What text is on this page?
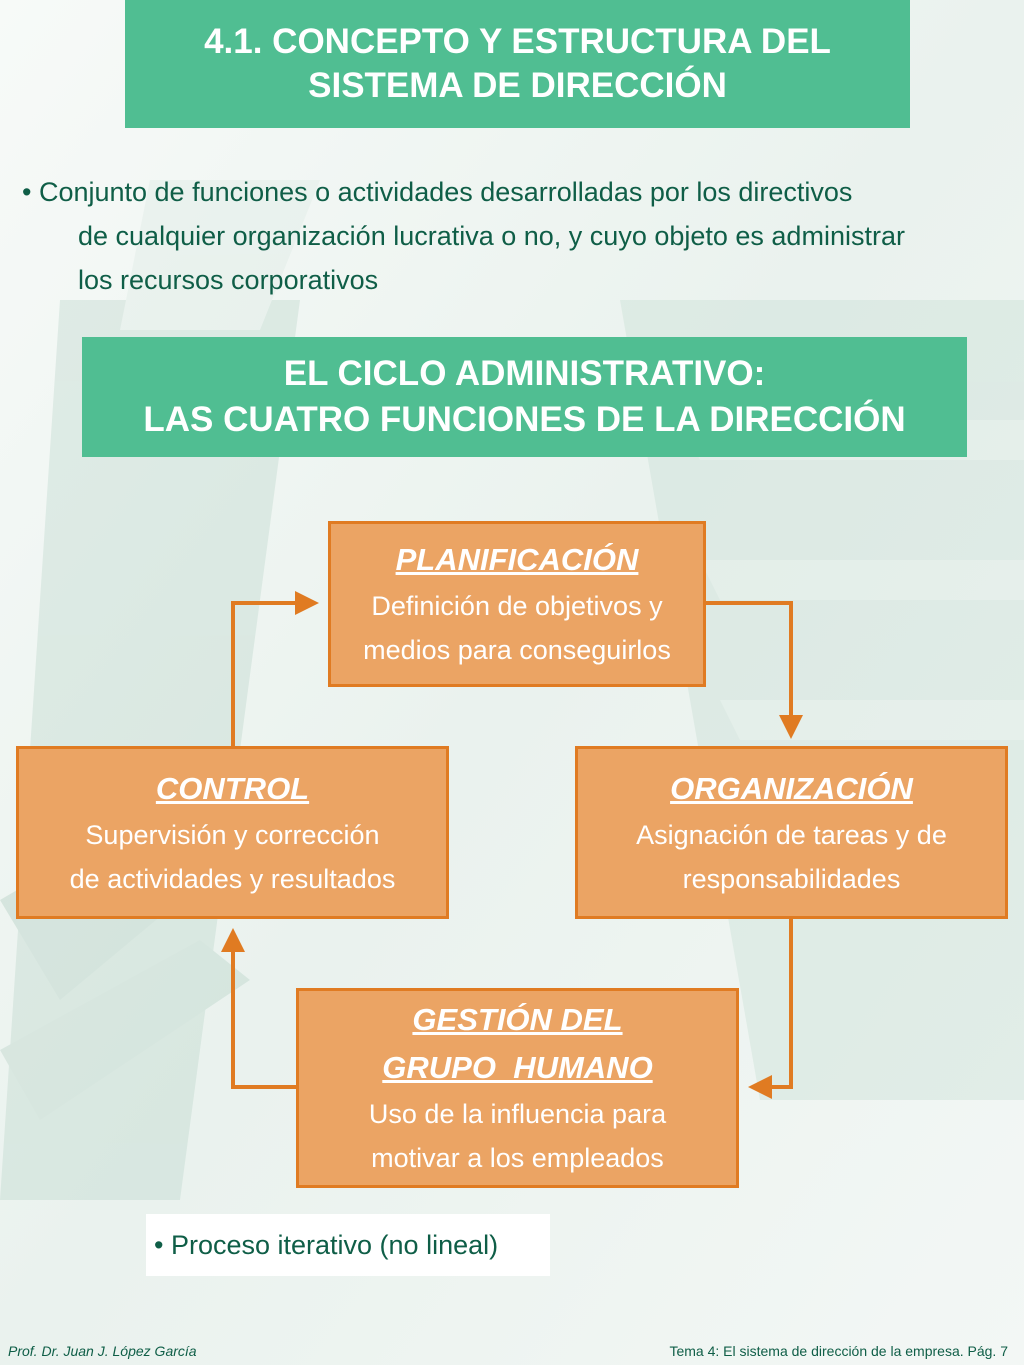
4.1. CONCEPTO Y ESTRUCTURA DEL
SISTEMA DE DIRECCIÓN
• Conjunto de funciones o actividades desarrolladas por los directivos
de cualquier organización lucrativa o no, y cuyo objeto es administrar
los recursos corporativos
EL CICLO ADMINISTRATIVO:
LAS CUATRO FUNCIONES DE LA DIRECCIÓN
PLANIFICACIÓN
Definición de objetivos y
medios para conseguirlos
ORGANIZACIÓN
Asignación de tareas y de
responsabilidades
CONTROL
Supervisión y corrección
de actividades y resultados
GESTIÓN DEL
GRUPO  HUMANO
Uso de la influencia para
motivar a los empleados
• Proceso iterativo (no lineal)
Prof. Dr. Juan J. López García	Tema 4: El sistema de dirección de la empresa. Pág. 7
